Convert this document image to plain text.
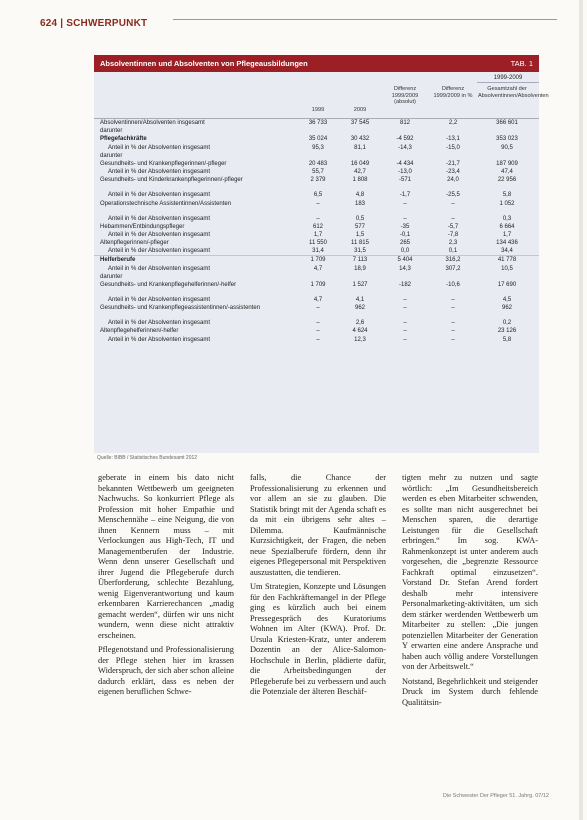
624 | SCHWERPUNKT
Absolventinnen und Absolventen von Pflegeausbildungen	TAB. 1
1999-2009
1999	2009
Differenz 1999/2009 (absolut)
Differenz 1999/2009 in %
Gesamtzahl der Absolventinnen/Absolventen
Absolventinnen/Absolventen insgesamt	36 733	37 545	812	2,2	366 601
darunter
Pflegefachkräfte	35 024	30 432	-4 592	-13,1	353 023
Anteil in % der Absolventen insgesamt	95,3	81,1	-14,3	-15,0	90,5
darunter
Gesundheits- und Krankenpflegerinnen/-pfleger	20 483	16 049	-4 434	-21,7	187 909
Anteil in % der Absolventen insgesamt	55,7	42,7	-13,0	-23,4	47,4
Gesundheits- und Kinderkrankenpflegerinnen/-pfleger	2 379	1 808	-571	24,0	22 956
Anteil in % der Absolventen insgesamt	6,5	4,8	-1,7	-25,5	5,8
Operationstechnische Assistentinnen/Assistenten	–	183	–	–	1 052
Anteil in % der Absolventen insgesamt	–	0,5	–	–	0,3
Hebammen/Entbindungspfleger	612	577	-35	-5,7	6 664
Anteil in % der Absolventen insgesamt	1,7	1,5	-0,1	-7,8	1,7
Altenpflegerinnen/-pfleger	11 550	11 815	265	2,3	134 436
Anteil in % der Absolventen insgesamt	31,4	31,5	0,0	0,1	34,4
Helferberufe	1 709	7 113	5 404	316,2	41 778
Anteil in % der Absolventen insgesamt	4,7	18,9	14,3	307,2	10,5
darunter
Gesundheits- und Krankenpflegehelferinnen/-helfer	1 709	1 527	-182	-10,6	17 690
Anteil in % der Absolventen insgesamt	4,7	4,1	–	–	4,5
Gesundheits- und Krankenpflegeassistentinnen/-assistenten	–	962	–	–	962
Anteil in % der Absolventen insgesamt	–	2,6	–	–	0,2
Altenpflegehelferinnen/-helfer	–	4 624	–	–	23 126
Anteil in % der Absolventen insgesamt	–	12,3	–	–	5,8
Quelle: BIBB / Statistisches Bundesamt 2012

geberate in einem bis dato nicht bekannten Wettbewerb um geeigneten Nachwuchs. So konkurriert Pflege als Profession mit hoher Empathie und Menschennähe – eine Neigung, die von ihnen Kennern muss – mit Verlockungen aus High-Tech, IT und Managementberufen der Industrie. Wenn denn unserer Gesellschaft und ihrer Jugend die Pflegeberufe durch Überforderung, schlechte Bezahlung, wenig Eigenverantwortung und kaum erkennbaren Karrierechancen „madig gemacht werden“, dürfen wir uns nicht wundern, wenn diese nicht attraktiv erscheinen.

Pflegenotstand und Professionalisierung der Pflege stehen hier im krassen Widerspruch, der sich aber schon alleine dadurch erklärt, dass es neben der eigenen beruflichen Schwe-

falls, die Chance der Professionalisierung zu erkennen und vor allem an sie zu glauben. Die Statistik bringt mit der Agenda schaft es da mit ein übrigens sehr altes – Dilemma. Kaufmännische Kurzsichtigkeit, der Fragen, die neben neue Spezialberufe fördern, denn ihr eigenes Pflegepersonal mit Perspektiven auszustatten, die tendieren.

Um Strategien, Konzepte und Lösungen für den Fachkräftemangel in der Pflege ging es kürzlich auch bei einem Pressegespräch des Kuratoriums Wohnen im Alter (KWA). Prof. Dr. Ursula Kriesten-Kratz, unter anderem Dozentin an der Alice-Salomon-Hochschule in Berlin, plädierte dafür, die Arbeitsbedingungen der Pflegeberufe bei zu verbessern und auch die Potenziale der älteren Beschäf-

tigten mehr zu nutzen und sagte wörtlich: „Im Gesundheitsbereich werden es eben Mitarbeiter schwenden, es sollte man nicht ausgerechnet bei Menschen sparen, die derartige Leistungen für die Gesellschaft erbringen.“ Im sog. KWA-Rahmenkonzept ist unter anderem auch vorgesehen, die „begrenzte Ressource Fachkraft optimal einzusetzen“. Vorstand Dr. Stefan Arend fordert deshalb mehr intensivere Personalmarketing-aktivitäten, um sich dem stärker werdenden Wettbewerb um Mitarbeiter zu stellen: „Die jungen potenziellen Mitarbeiter der Generation Y erwarten eine andere Ansprache und haben auch völlig andere Vorstellungen von der Arbeitswelt.“

Notstand, Begehrlichkeit und steigender Druck im System durch fehlende Qualitätsin-

Die Schwester Der Pfleger 51. Jahrg. 07/12
